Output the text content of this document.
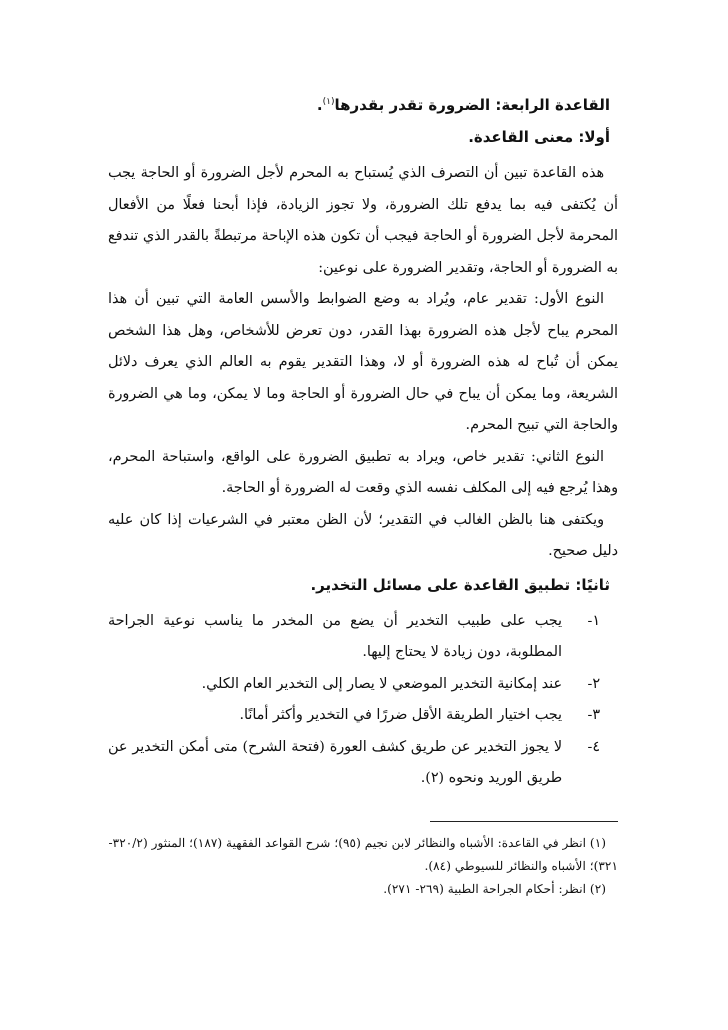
القاعدة الرابعة: الضرورة تقدر بقدرها$^{(١)}$.
أولا: معنى القاعدة.

هذه القاعدة تبين أن التصرف الذي يُستباح به المحرم لأجل الضرورة أو الحاجة يجب أن يُكتفى فيه بما يدفع تلك الضرورة، ولا تجوز الزيادة، فإذا أبحنا فعلًا من الأفعال المحرمة لأجل الضرورة أو الحاجة فيجب أن تكون هذه الإباحة مرتبطةً بالقدر الذي تندفع به الضرورة أو الحاجة، وتقدير الضرورة على نوعين:

النوع الأول: تقدير عام، ويُراد به وضع الضوابط والأسس العامة التي تبين أن هذا المحرم يباح لأجل هذه الضرورة بهذا القدر، دون تعرض للأشخاص، وهل هذا الشخص يمكن أن تُباح له هذه الضرورة أو لا، وهذا التقدير يقوم به العالم الذي يعرف دلائل الشريعة، وما يمكن أن يباح في حال الضرورة أو الحاجة وما لا يمكن، وما هي الضرورة والحاجة التي تبيح المحرم.

النوع الثاني: تقدير خاص، ويراد به تطبيق الضرورة على الواقع، واستباحة المحرم، وهذا يُرجع فيه إلى المكلف نفسه الذي وقعت له الضرورة أو الحاجة.

ويكتفى هنا بالظن الغالب في التقدير؛ لأن الظن معتبر في الشرعيات إذا كان عليه دليل صحيح.

ثانيًا: تطبيق القاعدة على مسائل التخدير.
١-
يجب على طبيب التخدير أن يضع من المخدر ما يناسب نوعية الجراحة المطلوبة، دون زيادة لا يحتاج إليها.
٢-
عند إمكانية التخدير الموضعي لا يصار إلى التخدير العام الكلي.
٣-
يجب اختيار الطريقة الأقل ضررًا في التخدير وأكثر أمانًا.
٤-
لا يجوز التخدير عن طريق كشف العورة (فتحة الشرح) متى أمكن التخدير عن طريق الوريد ونحوه (٢).

(١) انظر في القاعدة: الأشباه والنظائر لابن نجيم (٩٥)؛ شرح القواعد الفقهية (١٨٧)؛ المنثور (٣٢٠/٢-

٣٢١)؛ الأشباه والنظائر للسيوطي (٨٤).

(٢) انظر: أحكام الجراحة الطبية (٢٦٩- ٢٧١).
